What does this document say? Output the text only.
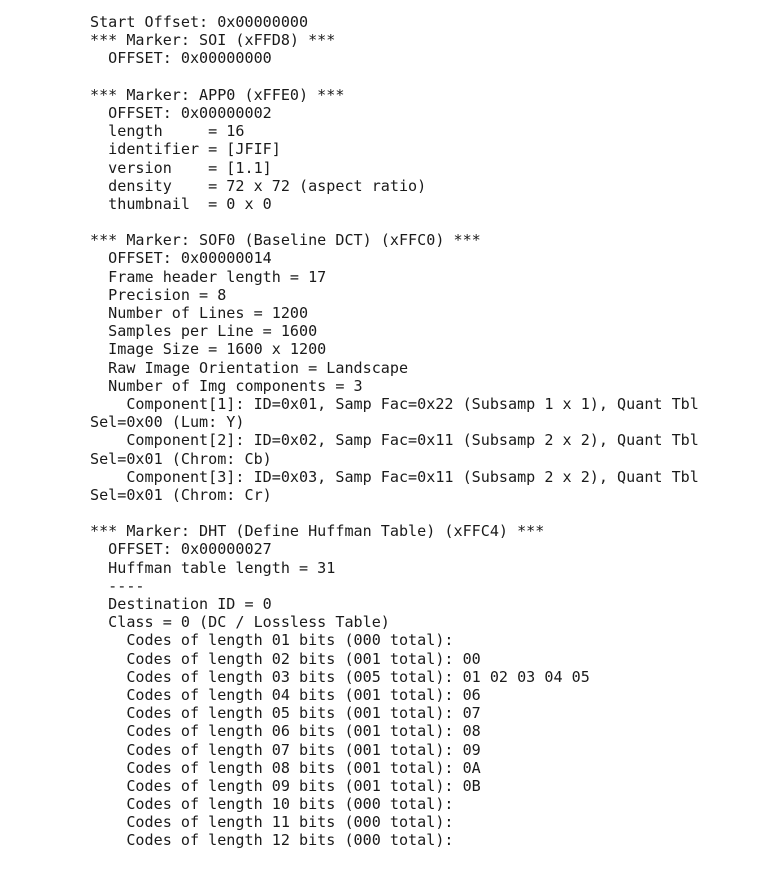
Start Offset: 0x00000000
*** Marker: SOI (xFFD8) ***
OFFSET: 0x00000000
*** Marker: APP0 (xFFE0) ***
OFFSET: 0x00000002
length     = 16
identifier = [JFIF]
version    = [1.1]
density    = 72 x 72 (aspect ratio)
thumbnail  = 0 x 0
*** Marker: SOF0 (Baseline DCT) (xFFC0) ***
OFFSET: 0x00000014
Frame header length = 17
Precision = 8
Number of Lines = 1200
Samples per Line = 1600
Image Size = 1600 x 1200
Raw Image Orientation = Landscape
Number of Img components = 3
Component[1]: ID=0x01, Samp Fac=0x22 (Subsamp 1 x 1), Quant Tbl
Sel=0x00 (Lum: Y)
Component[2]: ID=0x02, Samp Fac=0x11 (Subsamp 2 x 2), Quant Tbl
Sel=0x01 (Chrom: Cb)
Component[3]: ID=0x03, Samp Fac=0x11 (Subsamp 2 x 2), Quant Tbl
Sel=0x01 (Chrom: Cr)
*** Marker: DHT (Define Huffman Table) (xFFC4) ***
OFFSET: 0x00000027
Huffman table length = 31
----
Destination ID = 0
Class = 0 (DC / Lossless Table)
Codes of length 01 bits (000 total):
Codes of length 02 bits (001 total): 00
Codes of length 03 bits (005 total): 01 02 03 04 05
Codes of length 04 bits (001 total): 06
Codes of length 05 bits (001 total): 07
Codes of length 06 bits (001 total): 08
Codes of length 07 bits (001 total): 09
Codes of length 08 bits (001 total): 0A
Codes of length 09 bits (001 total): 0B
Codes of length 10 bits (000 total):
Codes of length 11 bits (000 total):
Codes of length 12 bits (000 total):
